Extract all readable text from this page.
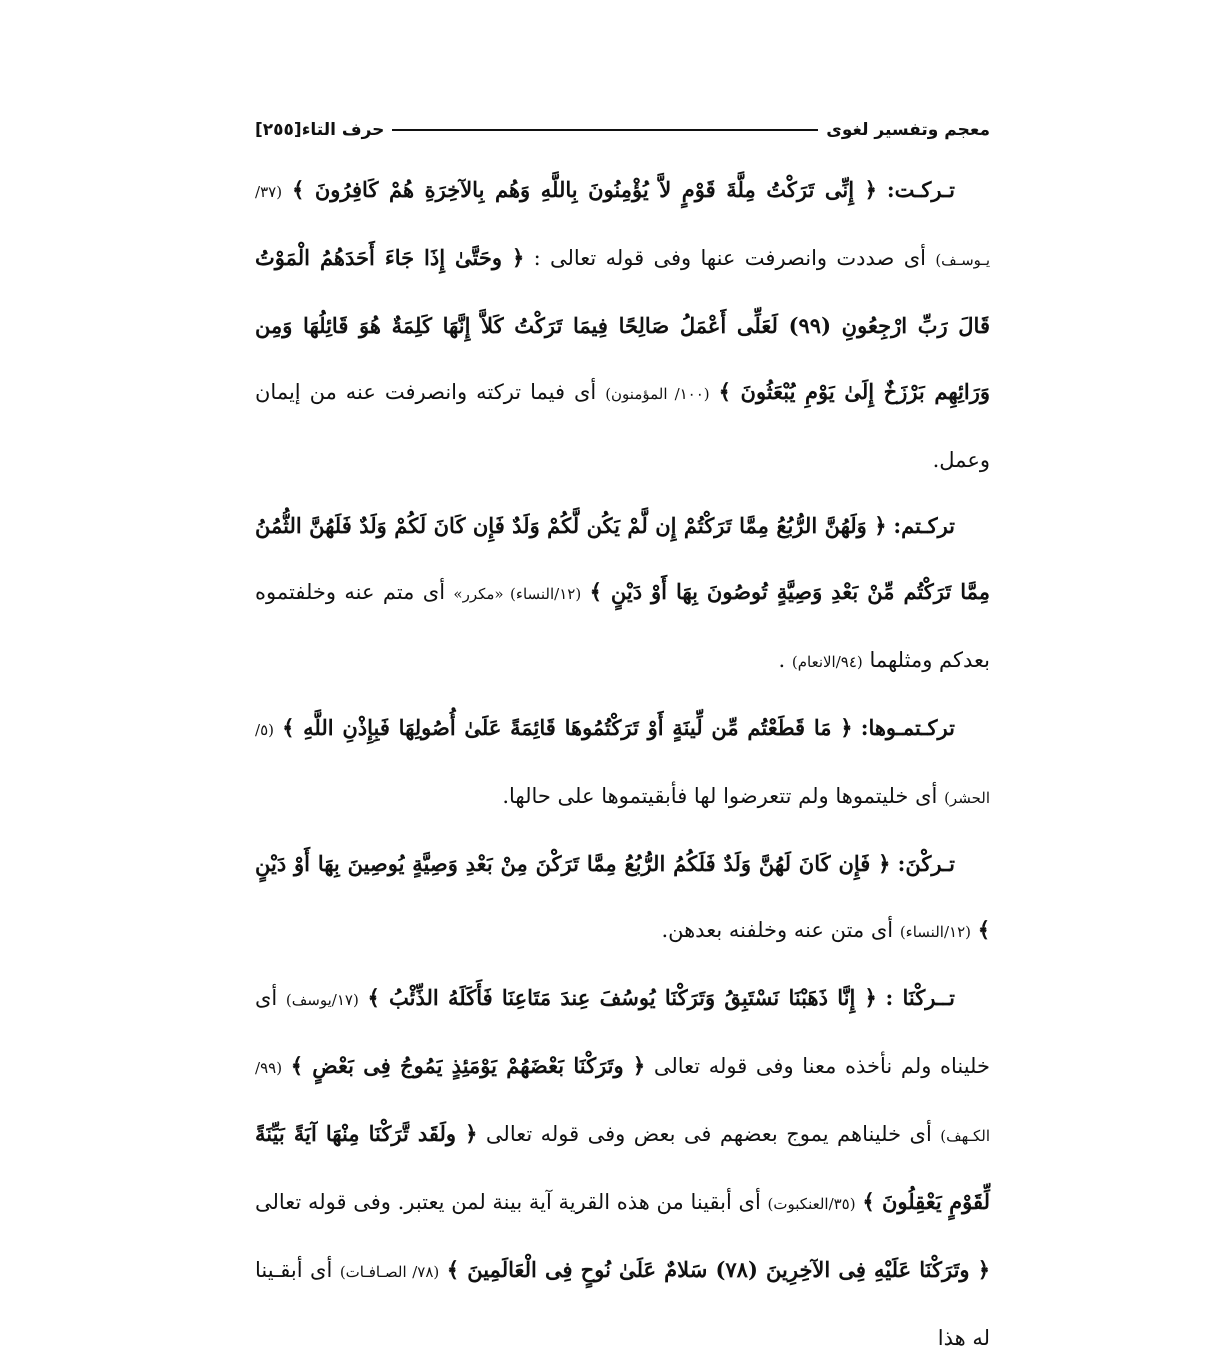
معجم وتفسير لغوى
حرف التاء
[٢٥٥]

تـركـت: ﴿ إِنِّى تَرَكْتُ مِلَّةَ قَوْمٍ لاَّ يُؤْمِنُونَ بِاللَّهِ وَهُم بِالآخِرَةِ هُمْ كَافِرُونَ ﴾ (٣٧/يـوسـف) أى صددت وانصرفت عنها وفى قوله تعالى : ﴿ وحَتَّىٰ إِذَا جَاءَ أَحَدَهُمُ الْمَوْتُ قَالَ رَبِّ ارْجِعُونِ (٩٩) لَعَلِّى أَعْمَلُ صَالِحًا فِيمَا تَرَكْتُ كَلاَّ إِنَّهَا كَلِمَةٌ هُوَ قَائِلُهَا وَمِن وَرَائِهِم بَرْزَخٌ إِلَىٰ يَوْمِ يُبْعَثُونَ ﴾ (١٠٠/ المؤمنون) أى فيما تركته وانصرفت عنه من إيمان وعمل.

تركـتم: ﴿ وَلَهُنَّ الرُّبُعُ مِمَّا تَرَكْتُمْ إِن لَّمْ يَكُن لَّكُمْ وَلَدٌ فَإِن كَانَ لَكُمْ وَلَدٌ فَلَهُنَّ الثُّمُنُ مِمَّا تَرَكْتُم مِّنْ بَعْدِ وَصِيَّةٍ تُوصُونَ بِهَا أَوْ دَيْنٍ ﴾ (١٢/النساء) «مكرر» أى متم عنه وخلفتموه بعدكم ومثلهما (٩٤/الانعام) .

تركـتمـوها: ﴿ مَا قَطَعْتُم مِّن لِّينَةٍ أَوْ تَرَكْتُمُوهَا قَائِمَةً عَلَىٰ أُصُولِهَا فَبِإِذْنِ اللَّهِ ﴾ (٥/الحشر) أى خليتموها ولم تتعرضوا لها فأبقيتموها على حالها.

تـركْنَ: ﴿ فَإِن كَانَ لَهُنَّ وَلَدٌ فَلَكُمُ الرُّبُعُ مِمَّا تَرَكْنَ مِنْ بَعْدِ وَصِيَّةٍ يُوصِينَ بِهَا أَوْ دَيْنٍ ﴾ (١٢/النساء) أى متن عنه وخلفنه بعدهن.

تــركْنَا : ﴿ إِنَّا ذَهَبْنَا نَسْتَبِقُ وَتَرَكْنَا يُوسُفَ عِندَ مَتَاعِنَا فَأَكَلَهُ الذِّئْبُ ﴾ (١٧/يوسف) أى خليناه ولم نأخذه معنا وفى قوله تعالى ﴿ وتَرَكْنَا بَعْضَهُمْ يَوْمَئِذٍ يَمُوجُ فِى بَعْضٍ ﴾ (٩٩/الكـهف) أى خليناهم يموج بعضهم فى بعض وفى قوله تعالى ﴿ ولَقَد تَّرَكْنَا مِنْهَا آيَةً بَيِّنَةً لِّقَوْمٍ يَعْقِلُونَ ﴾ (٣٥/العنكبوت) أى أبقينا من هذه القرية آية بينة لمن يعتبر. وفى قوله تعالى ﴿ وتَرَكْنَا عَلَيْهِ فِى الآخِرِينَ (٧٨) سَلامٌ عَلَىٰ نُوحٍ فِى الْعَالَمِينَ ﴾ (٧٨/ الصـافـات) أى أبقـينا له هذا
